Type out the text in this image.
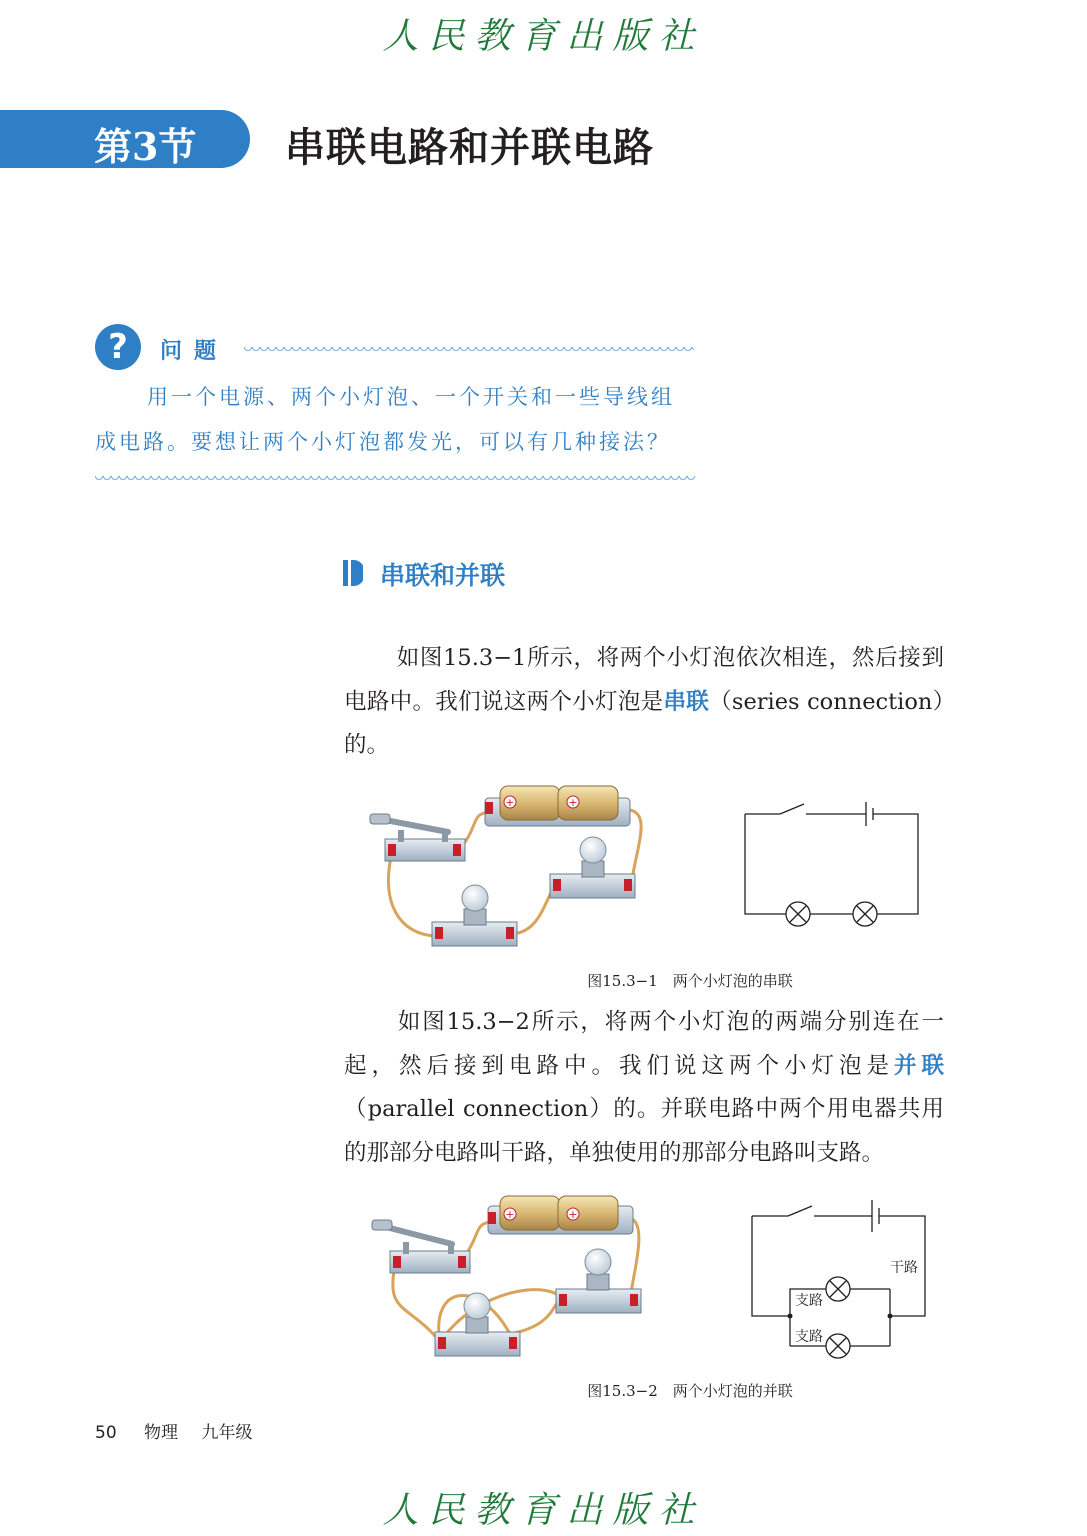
人民教育出版社
第3节 串联电路和并联电路
?	问题
用一个电源、两个小灯泡、一个开关和一些导线组成电路。要想让两个小灯泡都发光，可以有几种接法？
串联和并联
如图15.3−1所示，将两个小灯泡依次相连，然后接到电路中。我们说这两个小灯泡是串联（series connection）的。
+	+
图15.3−1　两个小灯泡的串联
如图15.3−2所示，将两个小灯泡的两端分别连在一起，然后接到电路中。我们说这两个小灯泡是并联（parallel connection）的。并联电路中两个用电器共用的那部分电路叫干路，单独使用的那部分电路叫支路。
+	+
干路
支路
支路
图15.3−2　两个小灯泡的并联
50 物理 九年级
人民教育出版社
